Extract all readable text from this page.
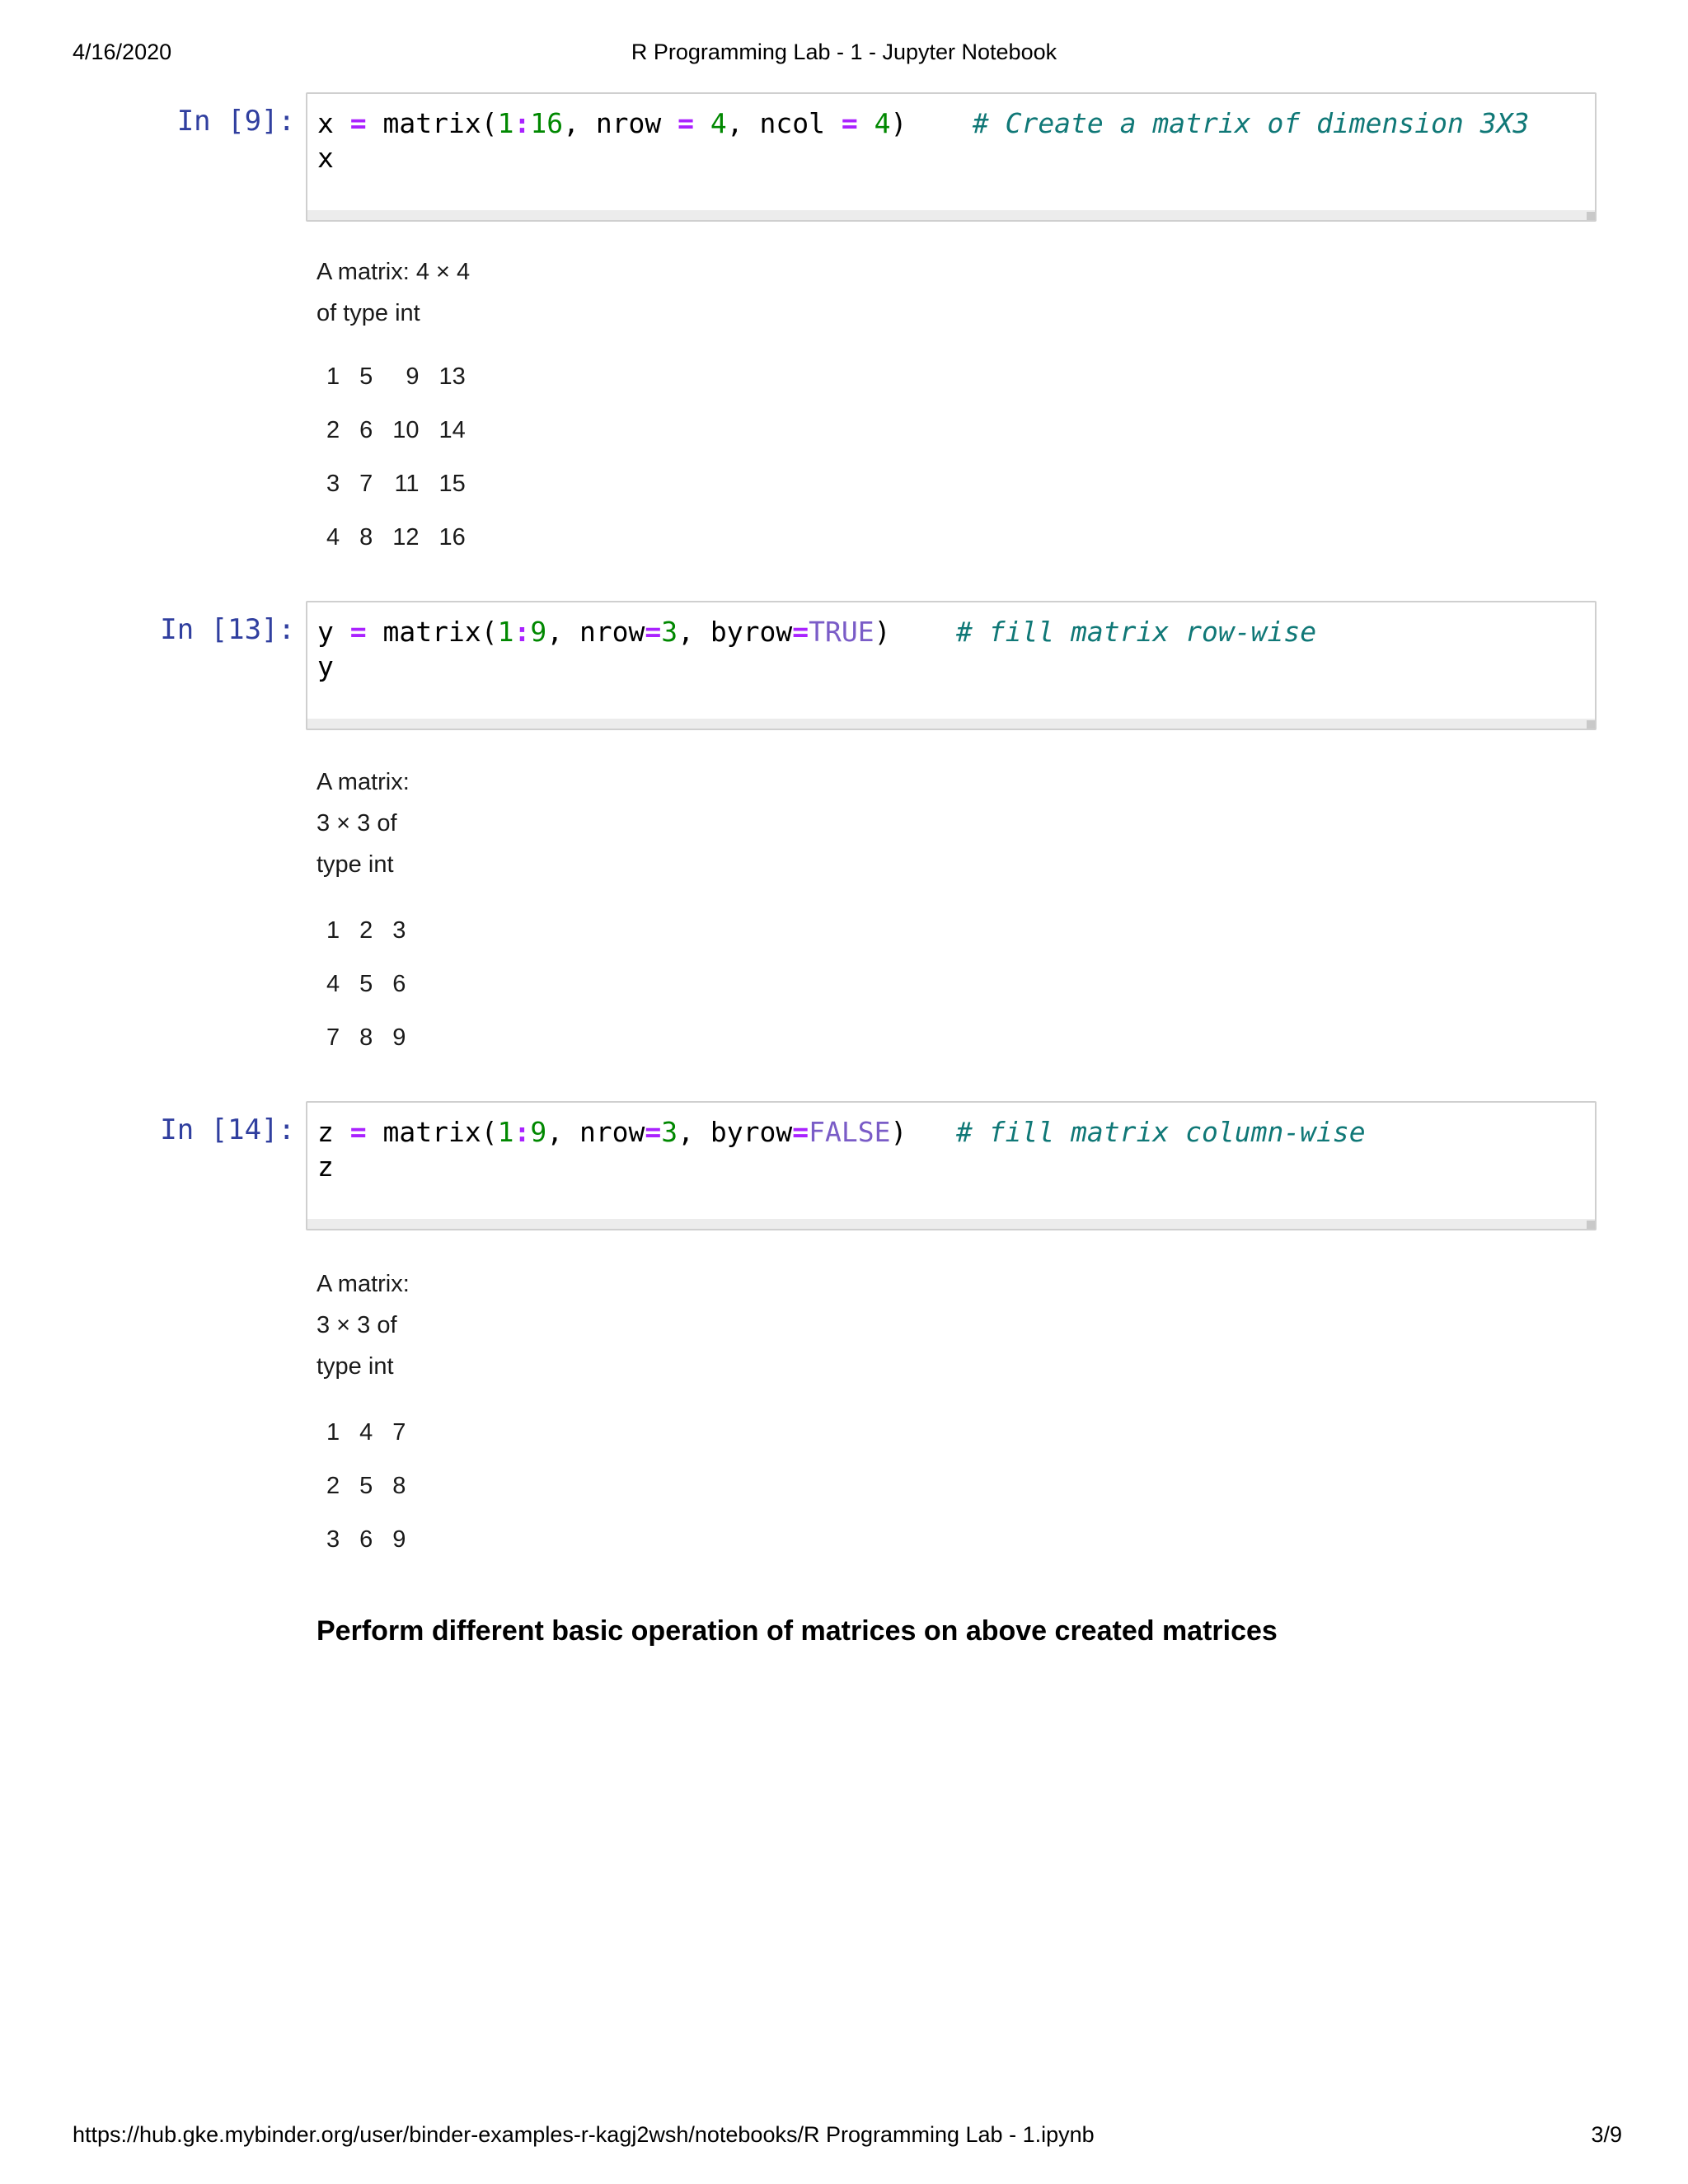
4/16/2020	R Programming Lab - 1 - Jupyter Notebook
https://hub.gke.mybinder.org/user/binder-examples-r-kagj2wsh/notebooks/R Programming Lab - 1.ipynb	3/9
In [9]: x = matrix(1:16, nrow = 4, ncol = 4) # Create a matrix of dimension 3X3
x
A matrix: 4 × 4
of type int
1	5	9	13
2	6	10	14
3	7	11	15
4	8	12	16
In [13]: y = matrix(1:9, nrow=3, byrow=TRUE) # fill matrix row-wise
y
A matrix:
3 × 3 of
type int
1	2	3
4	5	6
7	8	9
In [14]: z = matrix(1:9, nrow=3, byrow=FALSE) # fill matrix column-wise
z
A matrix:
3 × 3 of
type int
1	4	7
2	5	8
3	6	9
Perform different basic operation of matrices on above created matrices
